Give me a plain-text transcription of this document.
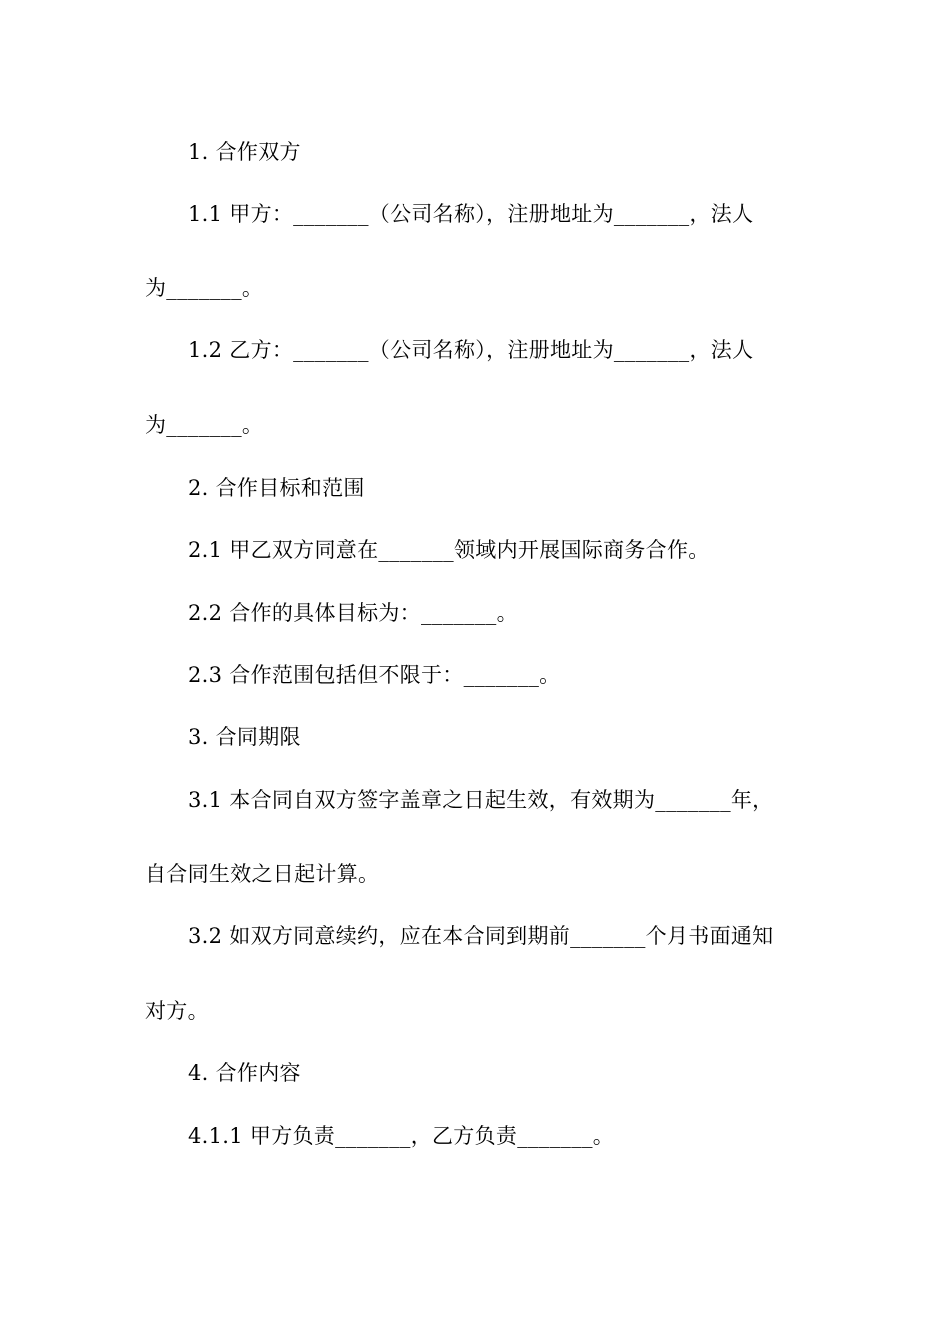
1. 合作双方
1.1 甲方：_______（公司名称），注册地址为_______，法人
为_______。
1.2 乙方：_______（公司名称），注册地址为_______，法人
为_______。
2. 合作目标和范围
2.1 甲乙双方同意在_______领域内开展国际商务合作。
2.2 合作的具体目标为：_______。
2.3 合作范围包括但不限于：_______。
3. 合同期限
3.1 本合同自双方签字盖章之日起生效，有效期为_______年，
自合同生效之日起计算。
3.2 如双方同意续约，应在本合同到期前_______个月书面通知
对方。
4. 合作内容
4.1.1 甲方负责_______，乙方负责_______。
